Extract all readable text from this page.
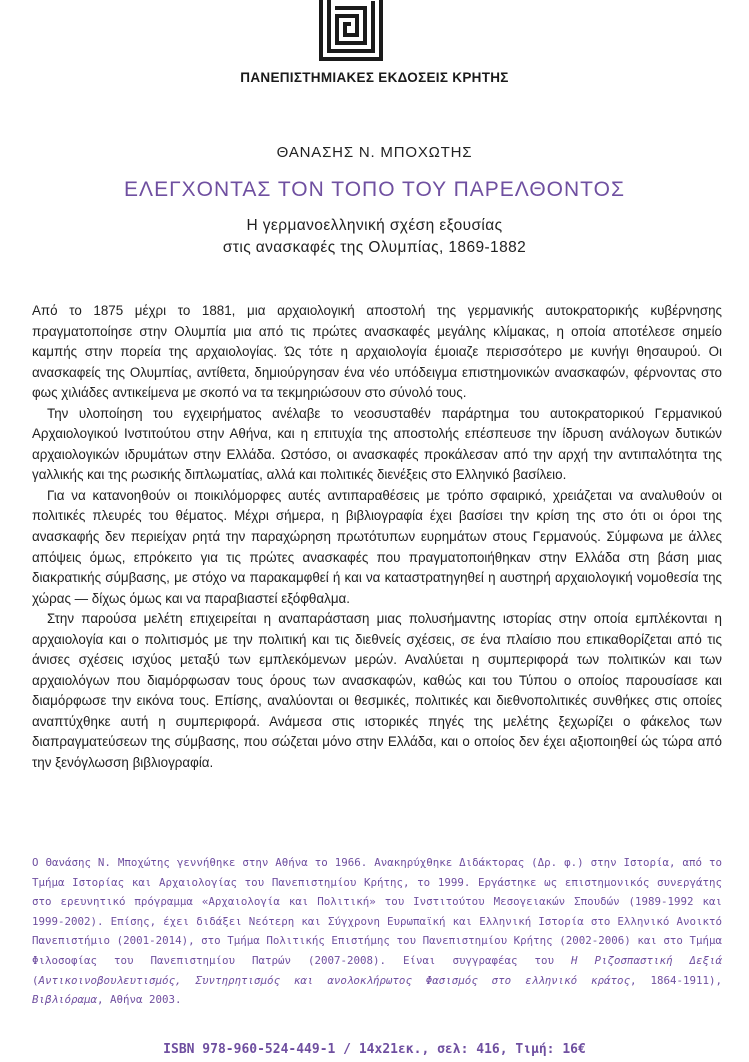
ΠΑΝΕΠΙΣΤΗΜΙΑΚΕΣ ΕΚΔΟΣΕΙΣ ΚΡΗΤΗΣ
ΘΑΝΑΣΗΣ Ν. ΜΠΟΧΩΤΗΣ
ΕΛΕΓΧΟΝΤΑΣ ΤΟΝ ΤΟΠΟ ΤΟΥ ΠΑΡΕΛΘΟΝΤΟΣ
Η γερμανοελληνική σχέση εξουσίας
στις ανασκαφές της Ολυμπίας, 1869-1882

Από το 1875 μέχρι το 1881, μια αρχαιολογική αποστολή της γερμανικής αυτοκρατορικής κυβέρνησης πραγματοποίησε στην Ολυμπία μια από τις πρώτες ανασκαφές μεγάλης κλίμακας, η οποία αποτέλεσε σημείο καμπής στην πορεία της αρχαιολογίας. Ώς τότε η αρχαιολογία έμοιαζε περισσότερο με κυνήγι θησαυρού. Οι ανασκαφείς της Ολυμπίας, αντίθετα, δημιούργησαν ένα νέο υπόδειγμα επιστημονικών ανασκαφών, φέρνοντας στο φως χιλιάδες αντικείμενα με σκοπό να τα τεκμηριώσουν στο σύνολό τους.

Την υλοποίηση του εγχειρήματος ανέλαβε το νεοσυσταθέν παράρτημα του αυτοκρατορικού Γερμανικού Αρχαιολογικού Ινστιτούτου στην Αθήνα, και η επιτυχία της αποστολής επέσπευσε την ίδρυση ανάλογων δυτικών αρχαιολογικών ιδρυμάτων στην Ελλάδα. Ωστόσο, οι ανασκαφές προκάλεσαν από την αρχή την αντιπαλότητα της γαλλικής και της ρωσικής διπλωματίας, αλλά και πολιτικές διενέξεις στο Ελληνικό βασίλειο.

Για να κατανοηθούν οι ποικιλόμορφες αυτές αντιπαραθέσεις με τρόπο σφαιρικό, χρειάζεται να αναλυθούν οι πολιτικές πλευρές του θέματος. Μέχρι σήμερα, η βιβλιογραφία έχει βασίσει την κρίση της στο ότι οι όροι της ανασκαφής δεν περιείχαν ρητά την παραχώρηση πρωτότυπων ευρημάτων στους Γερμανούς. Σύμφωνα με άλλες απόψεις όμως, επρόκειτο για τις πρώτες ανασκαφές που πραγματοποιήθηκαν στην Ελλάδα στη βάση μιας διακρατικής σύμβασης, με στόχο να παρακαμφθεί ή και να καταστρατηγηθεί η αυστηρή αρχαιολογική νομοθεσία της χώρας — δίχως όμως και να παραβιαστεί εξόφθαλμα.

Στην παρούσα μελέτη επιχειρείται η αναπαράσταση μιας πολυσήμαντης ιστορίας στην οποία εμπλέκονται η αρχαιολογία και ο πολιτισμός με την πολιτική και τις διεθνείς σχέσεις, σε ένα πλαίσιο που επικαθορίζεται από τις άνισες σχέσεις ισχύος μεταξύ των εμπλεκόμενων μερών. Αναλύεται η συμπεριφορά των πολιτικών και των αρχαιολόγων που διαμόρφωσαν τους όρους των ανασκαφών, καθώς και του Τύπου ο οποίος παρουσίασε και διαμόρφωσε την εικόνα τους. Επίσης, αναλύονται οι θεσμικές, πολιτικές και διεθνοπολιτικές συνθήκες στις οποίες αναπτύχθηκε αυτή η συμπεριφορά. Ανάμεσα στις ιστορικές πηγές της μελέτης ξεχωρίζει ο φάκελος των διαπραγματεύσεων της σύμβασης, που σώζεται μόνο στην Ελλάδα, και ο οποίος δεν έχει αξιοποιηθεί ώς τώρα από την ξενόγλωσση βιβλιογραφία.

Ο Θανάσης Ν. Μποχώτης γεννήθηκε στην Αθήνα το 1966. Ανακηρύχθηκε Διδάκτορας (Δρ. φ.) στην Ιστορία, από το Τμήμα Ιστορίας και Αρχαιολογίας του Πανεπιστημίου Κρήτης, το 1999. Εργάστηκε ως επιστημονικός συνεργάτης στο ερευνητικό πρόγραμμα «Αρχαιολογία και Πολιτική» του Ινστιτούτου Μεσογειακών Σπουδών (1989-1992 και 1999-2002). Επίσης, έχει διδάξει Νεότερη και Σύγχρονη Ευρωπαϊκή και Ελληνική Ιστορία στο Ελληνικό Ανοικτό Πανεπιστήμιο (2001-2014), στο Τμήμα Πολιτικής Επιστήμης του Πανεπιστημίου Κρήτης (2002-2006) και στο Τμήμα Φιλοσοφίας του Πανεπιστημίου Πατρών (2007-2008). Είναι συγγραφέας του Η Ριζοσπαστική Δεξιά (Αντικοινοβουλευτισμός, Συντηρητισμός και ανολοκλήρωτος Φασισμός στο ελληνικό κράτος, 1864-1911), Βιβλιόραμα, Αθήνα 2003.
ISBN 978-960-524-449-1 / 14x21εκ., σελ: 416, Τιμή: 16€
